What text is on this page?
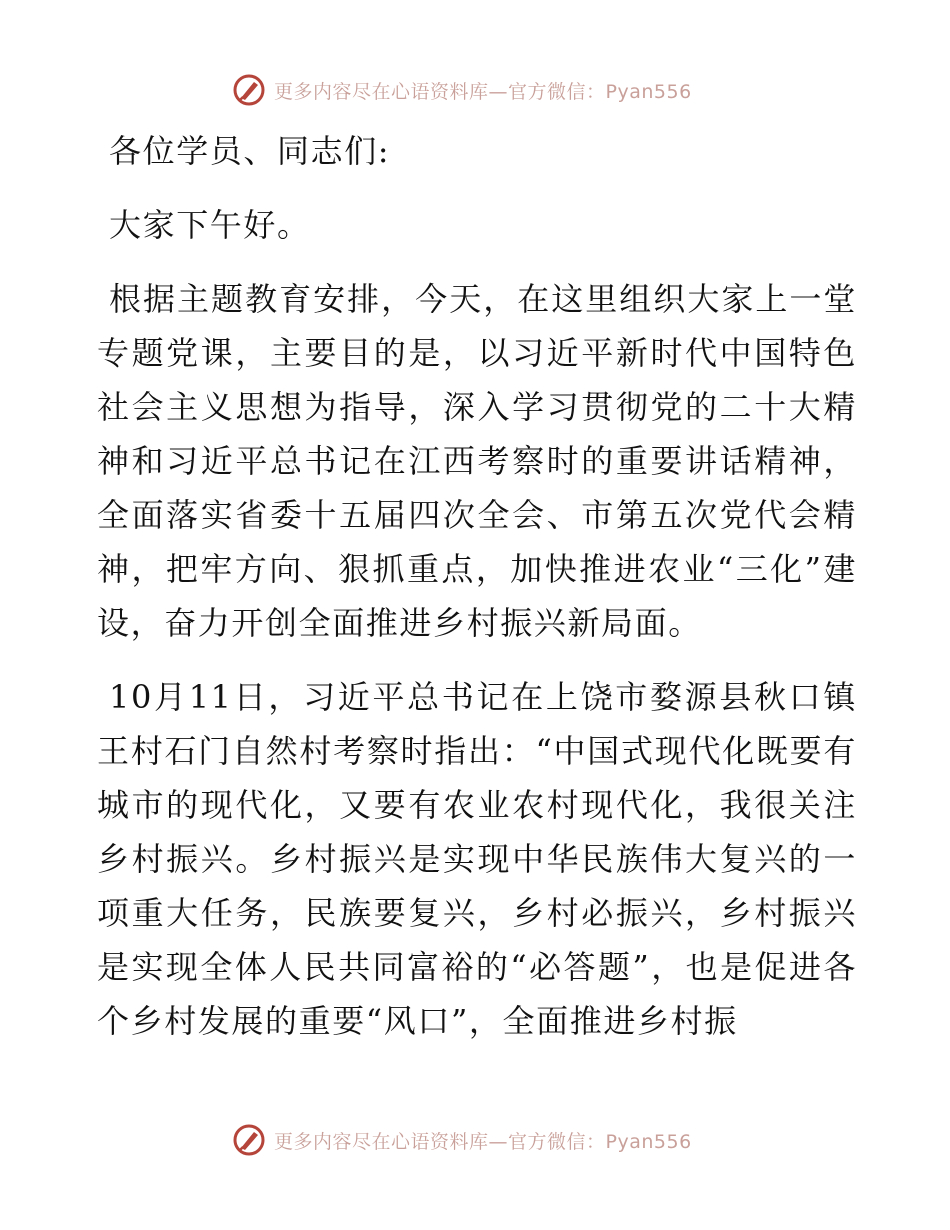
更多内容尽在心语资料库—官方微信：Pyan556

各位学员、同志们:

大家下午好。

根据主题教育安排，今天，在这里组织大家上一堂专题党课，主要目的是，以习近平新时代中国特色社会主义思想为指导，深入学习贯彻党的二十大精神和习近平总书记在江西考察时的重要讲话精神，全面落实省委十五届四次全会、市第五次党代会精神，把牢方向、狠抓重点，加快推进农业“三化”建设，奋力开创全面推进乡村振兴新局面。

10月11日，习近平总书记在上饶市婺源县秋口镇王村石门自然村考察时指出：“中国式现代化既要有城市的现代化，又要有农业农村现代化，我很关注乡村振兴。乡村振兴是实现中华民族伟大复兴的一项重大任务，民族要复兴，乡村必振兴，乡村振兴是实现全体人民共同富裕的“必答题”，也是促进各个乡村发展的重要“风口”，全面推进乡村振

更多内容尽在心语资料库—官方微信：Pyan556
